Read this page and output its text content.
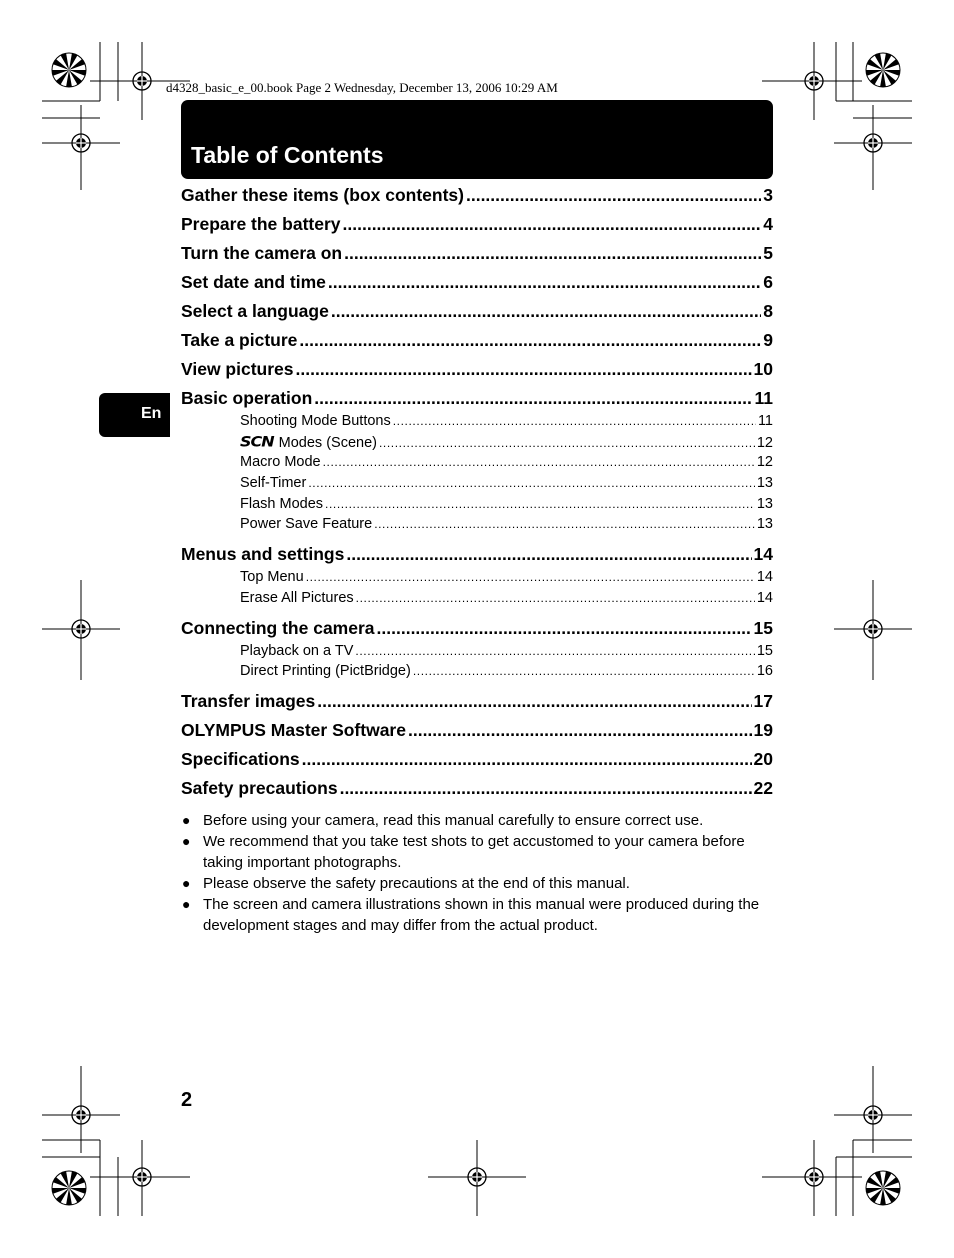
d4328_basic_e_00.book Page 2 Wednesday, December 13, 2006 10:29 AM
Table of Contents
En
Gather these items (box contents) .....	3
Prepare the battery .....	4
Turn the camera on .....	5
Set date and time .....	6
Select a language .....	8
Take a picture .....	9
View pictures .....	10
Basic operation .....	11
Shooting Mode Buttons .....	11
SCN Modes (Scene) .....	12
Macro Mode .....	12
Self-Timer .....	13
Flash Modes .....	13
Power Save Feature .....	13
Menus and settings .....	14
Top Menu .....	14
Erase All Pictures .....	14
Connecting the camera .....	15
Playback on a TV .....	15
Direct Printing (PictBridge) .....	16
Transfer images .....	17
OLYMPUS Master Software .....	19
Specifications .....	20
Safety precautions .....	22
● Before using your camera, read this manual carefully to ensure correct use.
● We recommend that you take test shots to get accustomed to your camera before taking important photographs.
● Please observe the safety precautions at the end of this manual.
● The screen and camera illustrations shown in this manual were produced during the development stages and may differ from the actual product.
2
